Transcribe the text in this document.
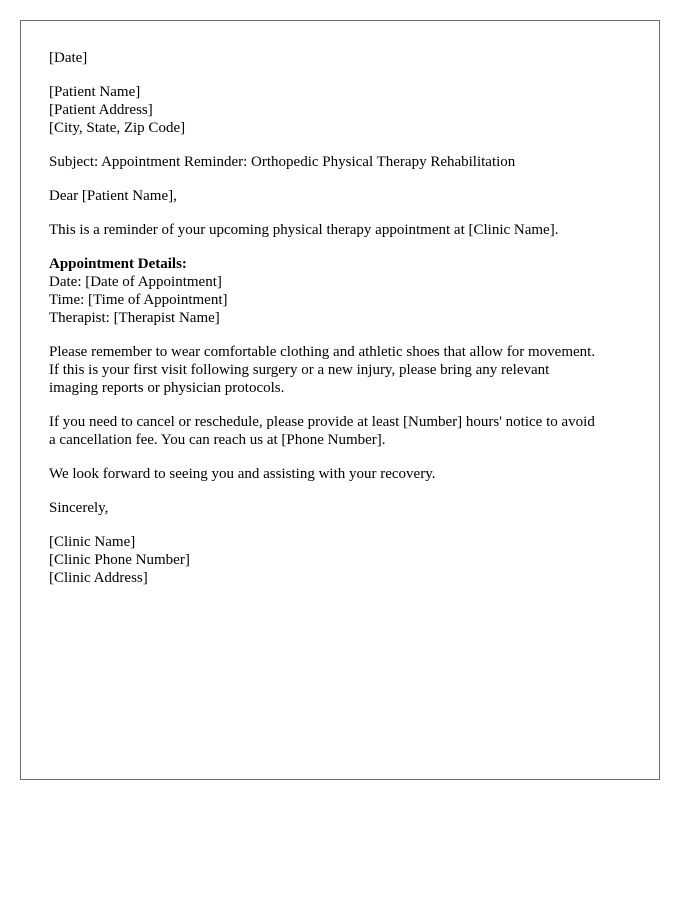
[Date]
[Patient Name]
[Patient Address]
[City, State, Zip Code]
Subject: Appointment Reminder: Orthopedic Physical Therapy Rehabilitation
Dear [Patient Name],
This is a reminder of your upcoming physical therapy appointment at [Clinic Name].
Appointment Details:
Date: [Date of Appointment]
Time: [Time of Appointment]
Therapist: [Therapist Name]
Please remember to wear comfortable clothing and athletic shoes that allow for movement.
If this is your first visit following surgery or a new injury, please bring any relevant
imaging reports or physician protocols.
If you need to cancel or reschedule, please provide at least [Number] hours' notice to avoid
a cancellation fee. You can reach us at [Phone Number].
We look forward to seeing you and assisting with your recovery.
Sincerely,
[Clinic Name]
[Clinic Phone Number]
[Clinic Address]
